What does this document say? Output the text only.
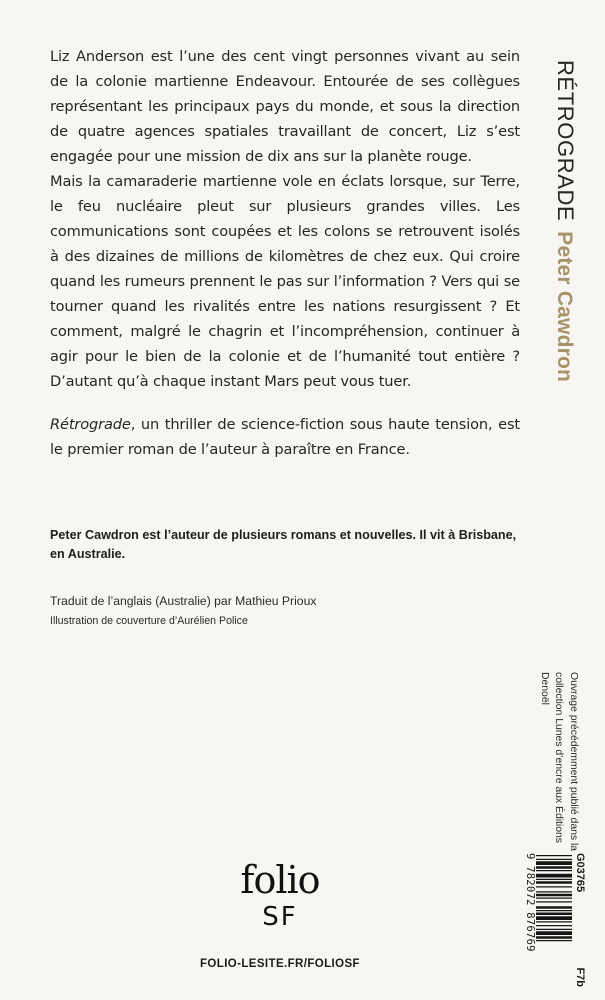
Liz Anderson est l’une des cent vingt personnes vivant au sein de la colonie martienne Endeavour. Entourée de ses collègues représentant les principaux pays du monde, et sous la direction de quatre agences spatiales travaillant de concert, Liz s’est engagée pour une mission de dix ans sur la planète rouge.

Mais la camaraderie martienne vole en éclats lorsque, sur Terre, le feu nucléaire pleut sur plusieurs grandes villes. Les communications sont coupées et les colons se retrouvent isolés à des dizaines de millions de kilomètres de chez eux. Qui croire quand les rumeurs prennent le pas sur l’information ? Vers qui se tourner quand les rivalités entre les nations resurgissent ? Et comment, malgré le chagrin et l’incompréhension, continuer à agir pour le bien de la colonie et de l’humanité tout entière ? D’autant qu’à chaque instant Mars peut vous tuer.

Rétrograde, un thriller de science-fiction sous haute tension, est le premier roman de l’auteur à paraître en France.

Peter Cawdron est l’auteur de plusieurs romans et nouvelles. Il vit à Brisbane, en Australie.
Traduit de l’anglais (Australie) par Mathieu Prioux
Illustration de couverture d’Aurélien Police
RÉTROGRADEPeter Cawdron
Ouvrage précédemment publié dans la collection Lunes d’encre aux Éditions Denoël
G03765
F7b
9 782072 876769
folio
SF
FOLIO-LESITE.FR/FOLIOSF
